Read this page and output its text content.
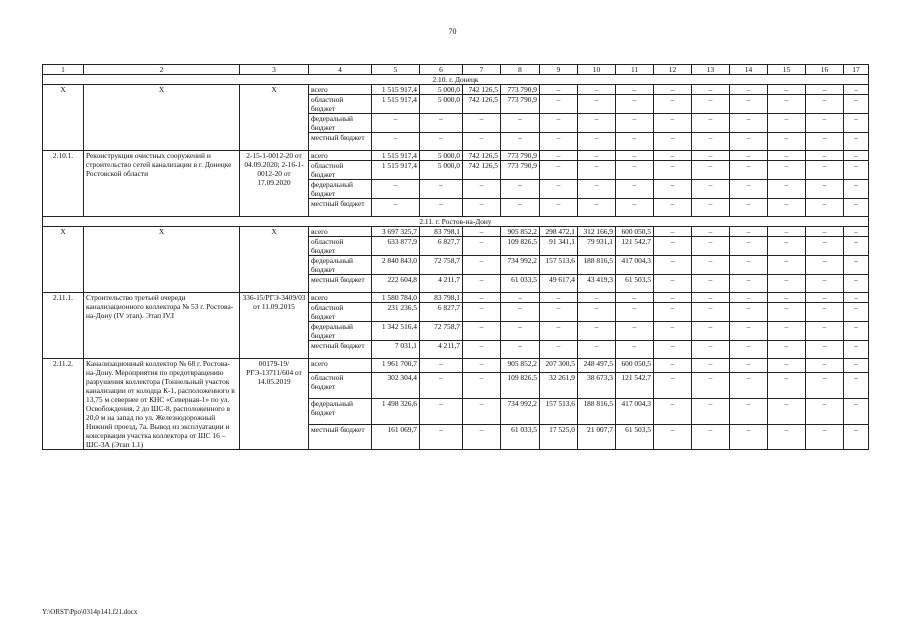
70
1	2	3	4	5	6	7	8	9	10	11	12	13	14	15	16	17
2.10. г. Донецк																
Х	Х	Х	всего	1 515 917,4	5 000,0	742 126,5	773 790,9	–	–	–	–	–	–	–	–	–
			областной бюджет	1 515 917,4	5 000,0	742 126,5	773 790,9	–	–	–	–	–	–	–	–	–
			федеральный бюджет	–	–	–	–	–	–	–	–	–	–	–	–	–
			местный бюджет	–	–	–	–	–	–	–	–	–	–	–	–	–
2.10.1.	Реконструкция очистных сооружений и строительство сетей канализации в г. Донецке Ростовской области	2-15-1-0012-20 от 04.09.2020; 2-16-1-0012-20 от 17.09.2020	всего	1 515 917,4	5 000,0	742 126,5	773 790,9	–	–	–	–	–	–	–	–	–
			областной бюджет	1 515 917,4	5 000,0	742 126,5	773 790,9	–	–	–	–	–	–	–	–	–
			федеральный бюджет	–	–	–	–	–	–	–	–	–	–	–	–	–
			местный бюджет	–	–	–	–	–	–	–	–	–	–	–	–	–
2.11. г. Ростов-на-Дону																
Х	Х	Х	всего	3 697 325,7	83 798,1	–	905 852,2	298 472,1	312 166,9	600 050,5	–	–	–	–	–	–
			областной бюджет	633 877,9	6 827,7	–	109 826,5	91 341,1	79 931,1	121 542,7	–	–	–	–	–	–
			федеральный бюджет	2 840 843,0	72 758,7	–	734 992,2	157 513,6	188 816,5	417 004,3	–	–	–	–	–	–
			местный бюджет	222 604,8	4 211,7	–	61 033,5	49 617,4	43 419,3	61 503,5	–	–	–	–	–	–
2.11.1.	Строительство третьей очереди канализационного коллектора № 53 г. Ростова-на-Дону (IV этап). Этап IV.I	336-15/РГЭ-3409/03 от 11.09.2015	всего	1 580 784,0	83 798,1	–	–	–	–	–	–	–	–	–	–	–
			областной бюджет	231 236,5	6 827,7	–	–	–	–	–	–	–	–	–	–	–
			федеральный бюджет	1 342 516,4	72 758,7	–	–	–	–	–	–	–	–	–	–	–
			местный бюджет	7 031,1	4 211,7	–	–	–	–	–	–	–	–	–	–	–
2.11.2.	Канализационный коллектор № 68 г. Ростова-на-Дону. Мероприятия по предотвращению разрушения коллектора (Тоннельный участок канализации от колодца К-1, расположенного в 13,75 м севернее от КНС «Северная-1» по ул. Освобождения, 2 до ШС-8, расположенного в 20,0 м на запад по ул. Железнодорожный Нижний проезд, 7а. Вывод из эксплуатации и консервация участка коллектора от ШС 16 – ШС-3А (Этап 1.1)	00179-19/РГЭ-13711/604 от 14.05.2019	всего	1 961 700,7	–	–	905 852,2	207 300,5	248 497,5	600 050,5	–	–	–	–	–	–
			областной бюджет	302 304,4	–	–	109 826,5	32 261,9	38 673,3	121 542,7	–	–	–	–	–	–
			федеральный бюджет	1 498 326,6	–	–	734 992,2	157 513,6	188 816,5	417 004,3	–	–	–	–	–	–
			местный бюджет	161 069,7	–	–	61 033,5	17 525,0	21 007,7	61 503,5	–	–	–	–	–	–
Y:\ORST\Ppo\0314p141.f21.docx
